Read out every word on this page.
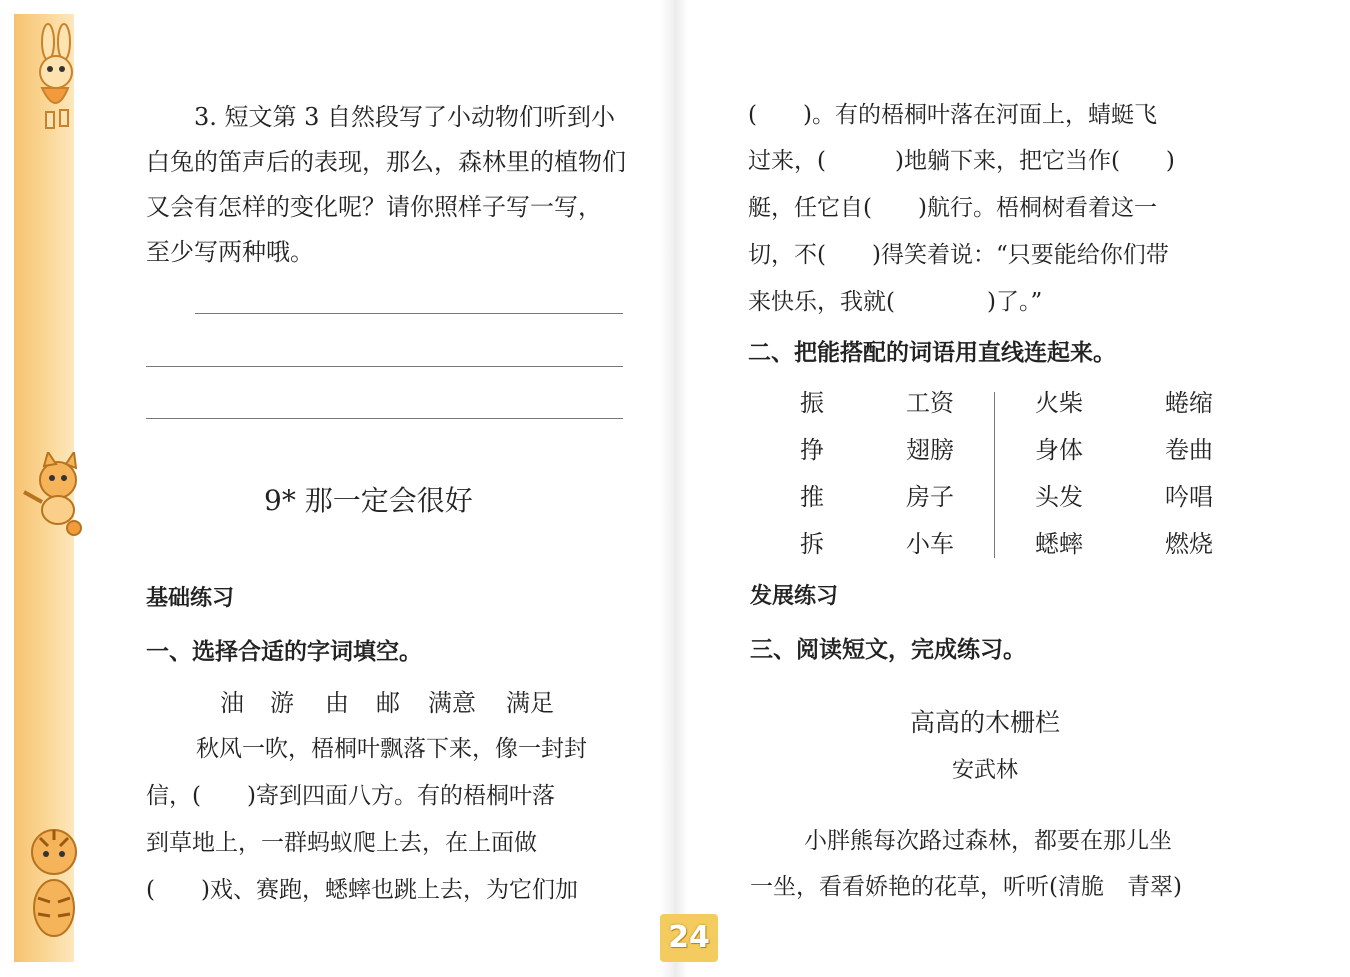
3. 短文第 3 自然段写了小动物们听到小
白兔的笛声后的表现，那么，森林里的植物们
又会有怎样的变化呢？请你照样子写一写，
至少写两种哦。
9* 那一定会很好
基础练习
一、选择合适的字词填空。
油 游 由 邮 满意 满足
秋风一吹，梧桐叶飘落下来，像一封封
信，(　　)寄到四面八方。有的梧桐叶落
到草地上，一群蚂蚁爬上去，在上面做
(　　)戏、赛跑，蟋蟀也跳上去，为它们加
(　　)。有的梧桐叶落在河面上，蜻蜓飞
过来，(　　　)地躺下来，把它当作(　　)
艇，任它自(　　)航行。梧桐树看着这一
切，不(　　)得笑着说：“只要能给你们带
来快乐，我就(　　　　)了。”
二、把能搭配的词语用直线连起来。
振	工资	火柴	蜷缩
挣	翅膀	身体	卷曲
推	房子	头发	吟唱
拆	小车	蟋蟀	燃烧
发展练习
三、阅读短文，完成练习。
高高的木栅栏
安武林
小胖熊每次路过森林，都要在那儿坐
一坐，看看娇艳的花草，听听(清脆　青翠)
24
